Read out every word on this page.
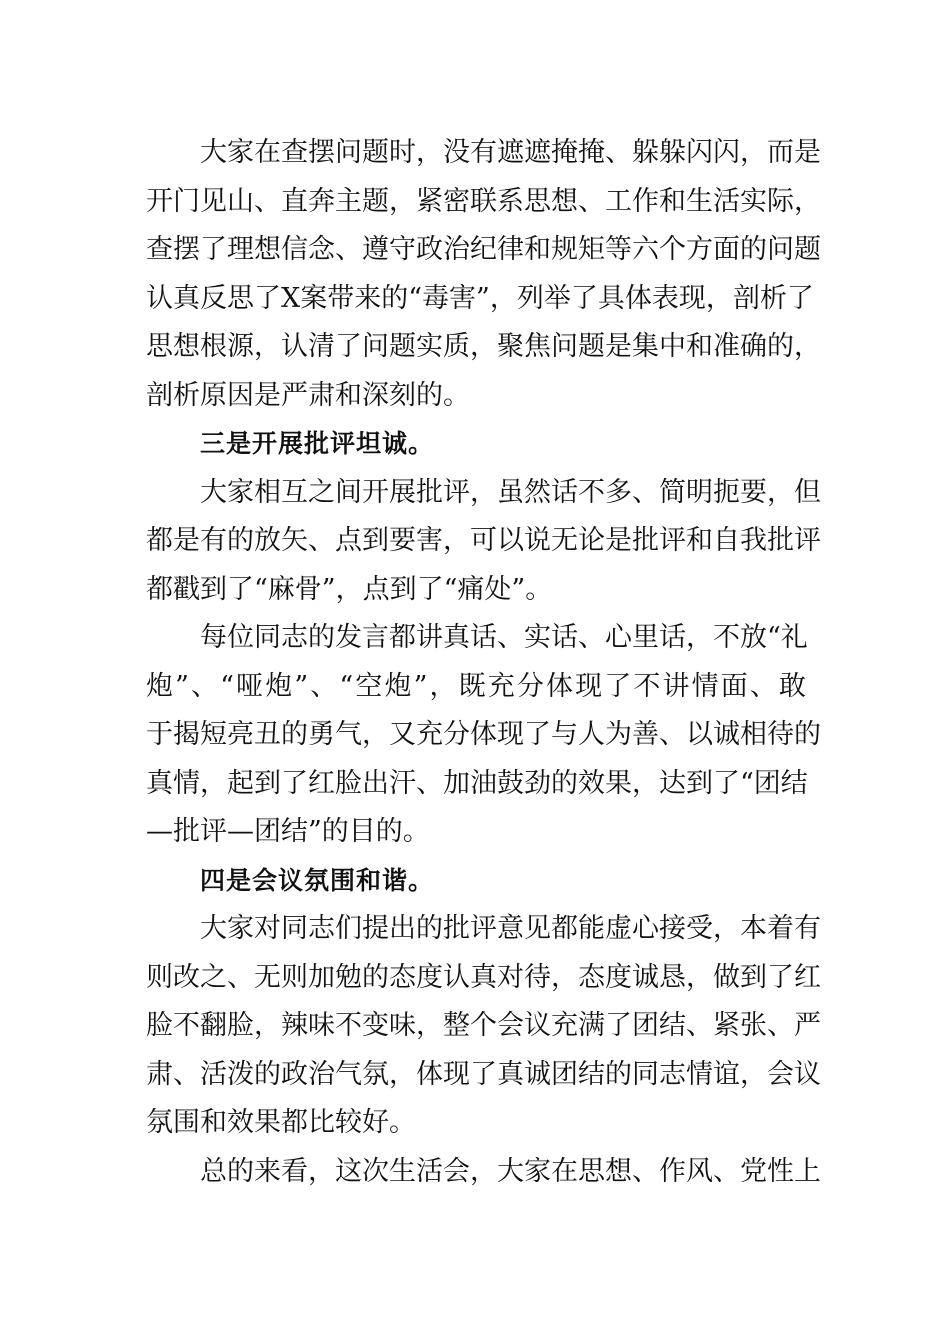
大家在查摆问题时，没有遮遮掩掩、躲躲闪闪，而是
开门见山、直奔主题，紧密联系思想、工作和生活实际，
查摆了理想信念、遵守政治纪律和规矩等六个方面的问题
认真反思了X案带来的“毒害”，列举了具体表现，剖析了
思想根源，认清了问题实质，聚焦问题是集中和准确的，
剖析原因是严肃和深刻的。
三是开展批评坦诚。
大家相互之间开展批评，虽然话不多、简明扼要，但
都是有的放矢、点到要害，可以说无论是批评和自我批评
都戳到了“麻骨”，点到了“痛处”。
每位同志的发言都讲真话、实话、心里话，不放“礼
炮”、“哑炮”、“空炮”，既充分体现了不讲情面、敢
于揭短亮丑的勇气，又充分体现了与人为善、以诚相待的
真情，起到了红脸出汗、加油鼓劲的效果，达到了“团结
—批评—团结”的目的。
四是会议氛围和谐。
大家对同志们提出的批评意见都能虚心接受，本着有
则改之、无则加勉的态度认真对待，态度诚恳，做到了红
脸不翻脸，辣味不变味，整个会议充满了团结、紧张、严
肃、活泼的政治气氛，体现了真诚团结的同志情谊，会议
氛围和效果都比较好。
总的来看，这次生活会，大家在思想、作风、党性上
